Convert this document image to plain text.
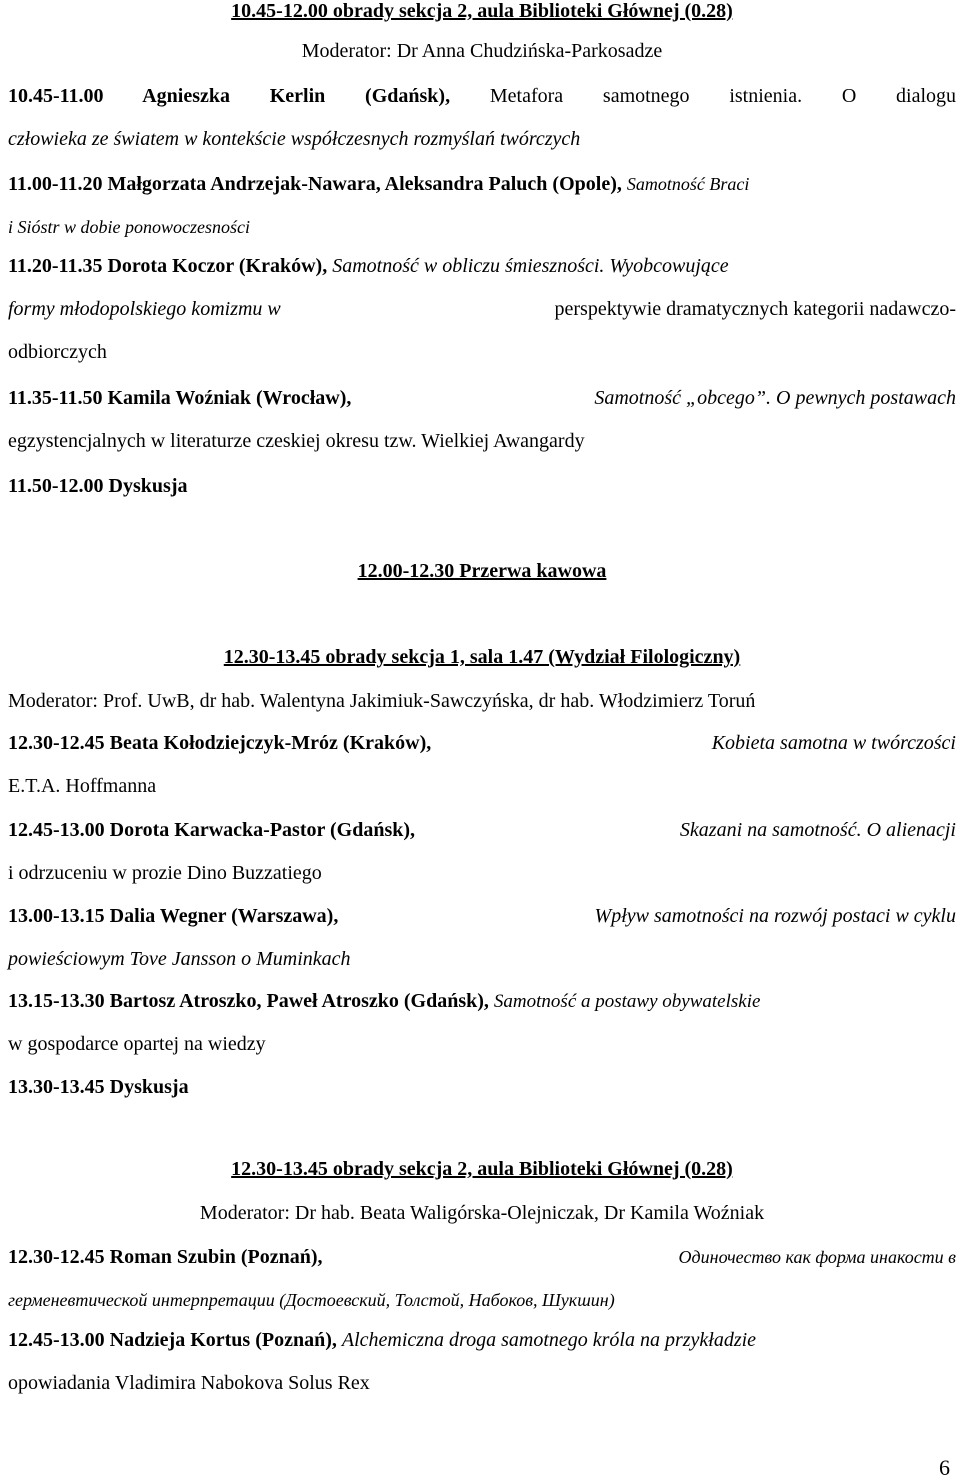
10.45-12.00 obrady sekcja 2, aula Biblioteki Głównej (0.28)
Moderator: Dr Anna Chudzińska-Parkosadze
10.45-11.00 Agnieszka Kerlin (Gdańsk), Metafora samotnego istnienia. O dialogu
człowieka ze światem w kontekście współczesnych rozmyślań twórczych
11.00-11.20 Małgorzata Andrzejak-Nawara, Aleksandra Paluch (Opole), Samotność Braci
i Sióstr w dobie ponowoczesności
11.20-11.35 Dorota Koczor (Kraków), Samotność w obliczu śmieszności. Wyobcowujące
formy młodopolskiego komizmu w	perspektywie dramatycznych kategorii nadawczo-
odbiorczych
11.35-11.50 Kamila Woźniak (Wrocław),	Samotność „obcego”. O pewnych postawach
egzystencjalnych w literaturze czeskiej okresu tzw. Wielkiej Awangardy
11.50-12.00 Dyskusja
12.00-12.30 Przerwa kawowa
12.30-13.45 obrady sekcja 1, sala 1.47 (Wydział Filologiczny)
Moderator: Prof. UwB, dr hab. Walentyna Jakimiuk-Sawczyńska, dr hab. Włodzimierz Toruń
12.30-12.45 Beata Kołodziejczyk-Mróz (Kraków),	Kobieta samotna w twórczości
E.T.A. Hoffmanna
12.45-13.00 Dorota Karwacka-Pastor (Gdańsk),	Skazani na samotność. O alienacji
i odrzuceniu w prozie Dino Buzzatiego
13.00-13.15 Dalia Wegner (Warszawa),	Wpływ samotności na rozwój postaci w cyklu
powieściowym Tove Jansson o Muminkach
13.15-13.30 Bartosz Atroszko, Paweł Atroszko (Gdańsk), Samotność a postawy obywatelskie
w gospodarce opartej na wiedzy
13.30-13.45 Dyskusja
12.30-13.45 obrady sekcja 2, aula Biblioteki Głównej (0.28)
Moderator: Dr hab. Beata Waligórska-Olejniczak, Dr Kamila Woźniak
12.30-12.45 Roman Szubin (Poznań),	Одиночество как форма инакости в
герменевтической интерпретации (Достоевский, Толстой, Набоков, Шукшин)
12.45-13.00 Nadzieja Kortus (Poznań), Alchemiczna droga samotnego króla na przykładzie
opowiadania Vladimira Nabokova Solus Rex
6
